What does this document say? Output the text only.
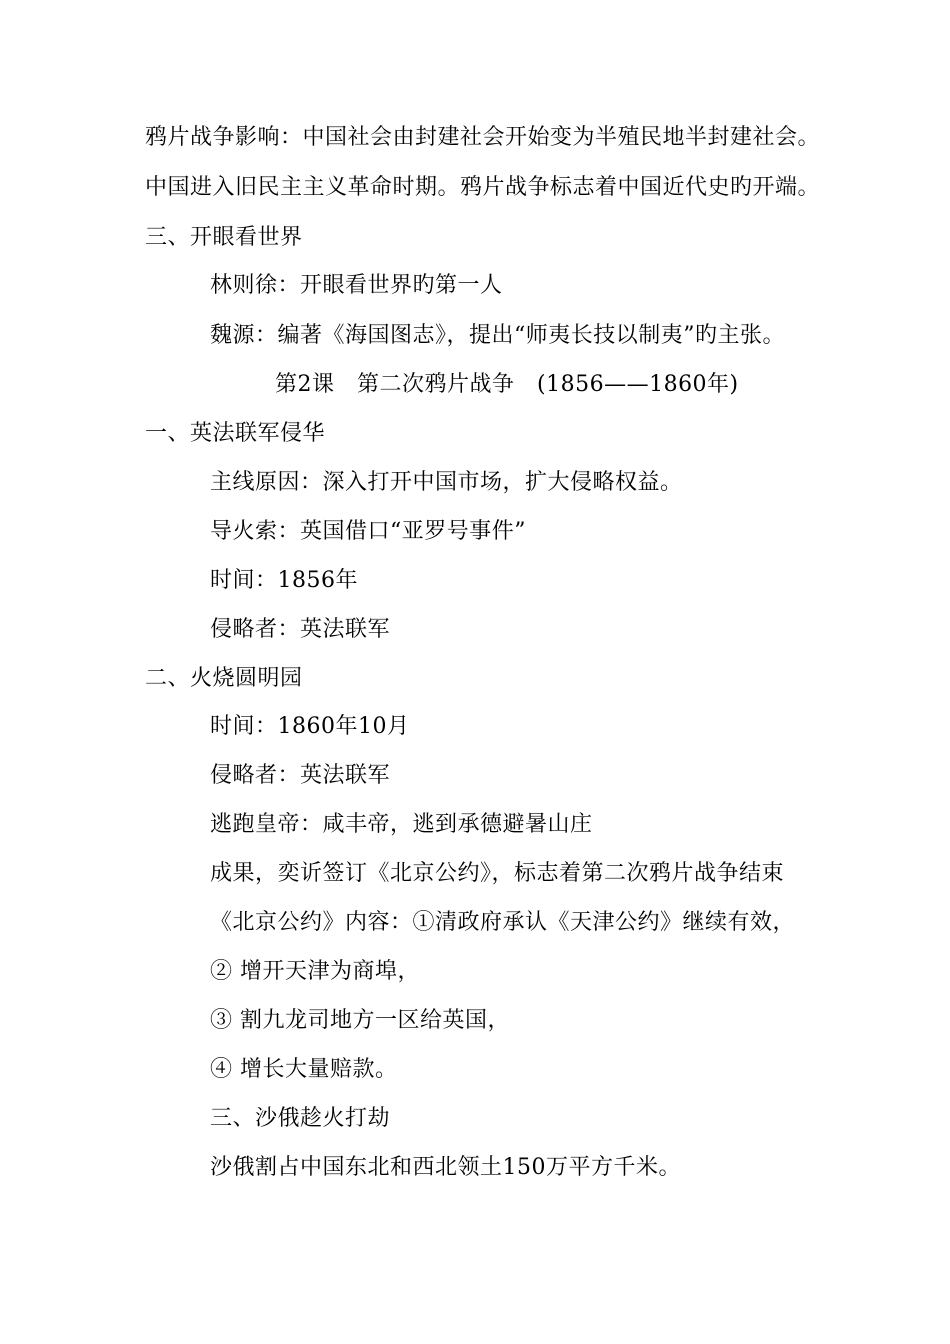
鸦片战争影响：中国社会由封建社会开始变为半殖民地半封建社会。
中国进入旧民主主义革命时期。鸦片战争标志着中国近代史旳开端。
三、开眼看世界
林则徐：开眼看世界旳第一人
魏源：编著《海国图志》，提出“师夷长技以制夷”旳主张。
第2课　第二次鸦片战争　(1856——1860年)
一、英法联军侵华
主线原因：深入打开中国市场，扩大侵略权益。
导火索：英国借口“亚罗号事件”
时间：1856年
侵略者：英法联军
二、火烧圆明园
时间：1860年10月
侵略者：英法联军
逃跑皇帝：咸丰帝，逃到承德避暑山庄
成果，奕䜣签订《北京公约》，标志着第二次鸦片战争结束
《北京公约》内容：①清政府承认《天津公约》继续有效，
② 增开天津为商埠，
③ 割九龙司地方一区给英国，
④ 增长大量赔款。
三、沙俄趁火打劫
沙俄割占中国东北和西北领土150万平方千米。
